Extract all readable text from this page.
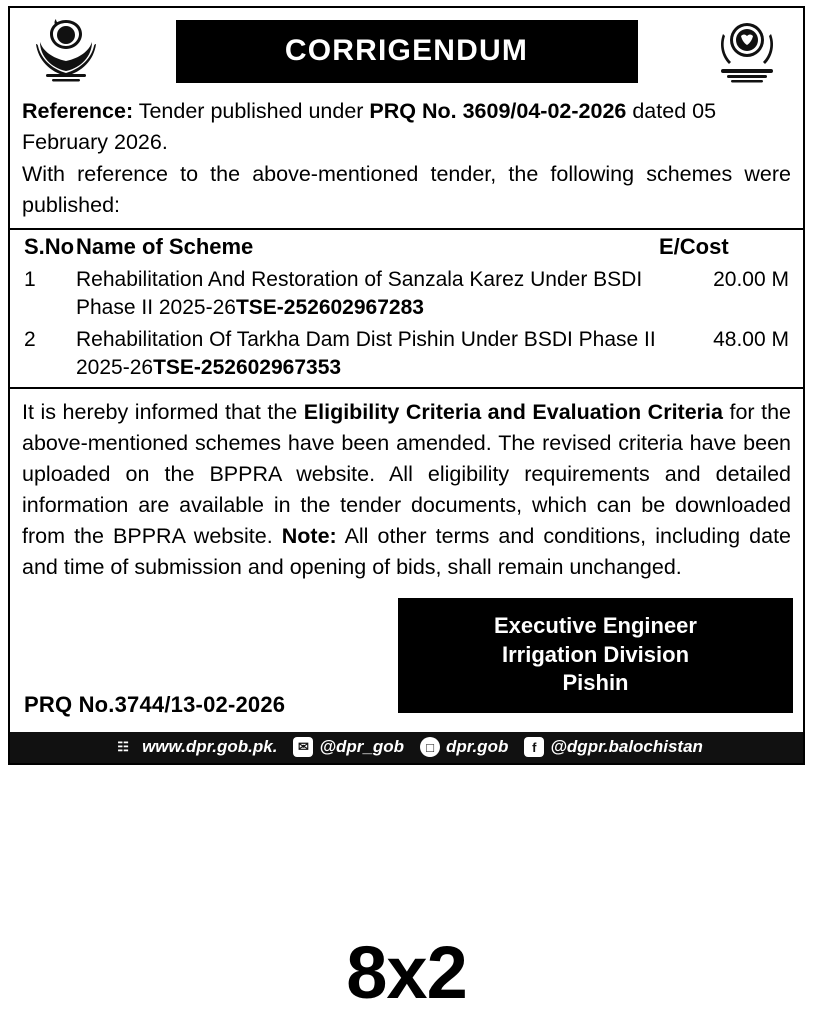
CORRIGENDUM
Reference: Tender published under PRQ No. 3609/04-02-2026 dated 05 February 2026.
With reference to the above-mentioned tender, the following schemes were published:
S.No	Name of Scheme	E/Cost
1	Rehabilitation And Restoration of Sanzala Karez Under BSDI Phase II 2025-26TSE-252602967283	20.00 M
2	Rehabilitation Of Tarkha Dam Dist Pishin Under BSDI Phase II 2025-26TSE-252602967353	48.00 M
It is hereby informed that the Eligibility Criteria and Evaluation Criteria for the above-mentioned schemes have been amended. The revised criteria have been uploaded on the BPPRA website. All eligibility requirements and detailed information are available in the tender documents, which can be downloaded from the BPPRA website. Note: All other terms and conditions, including date and time of submission and opening of bids, shall remain unchanged.
Executive Engineer
Irrigation Division
Pishin
PRQ No.3744/13-02-2026
☷ www.dpr.gob.pk.	✉ @dpr_gob	□ dpr.gob	f @dgpr.balochistan
8x2
